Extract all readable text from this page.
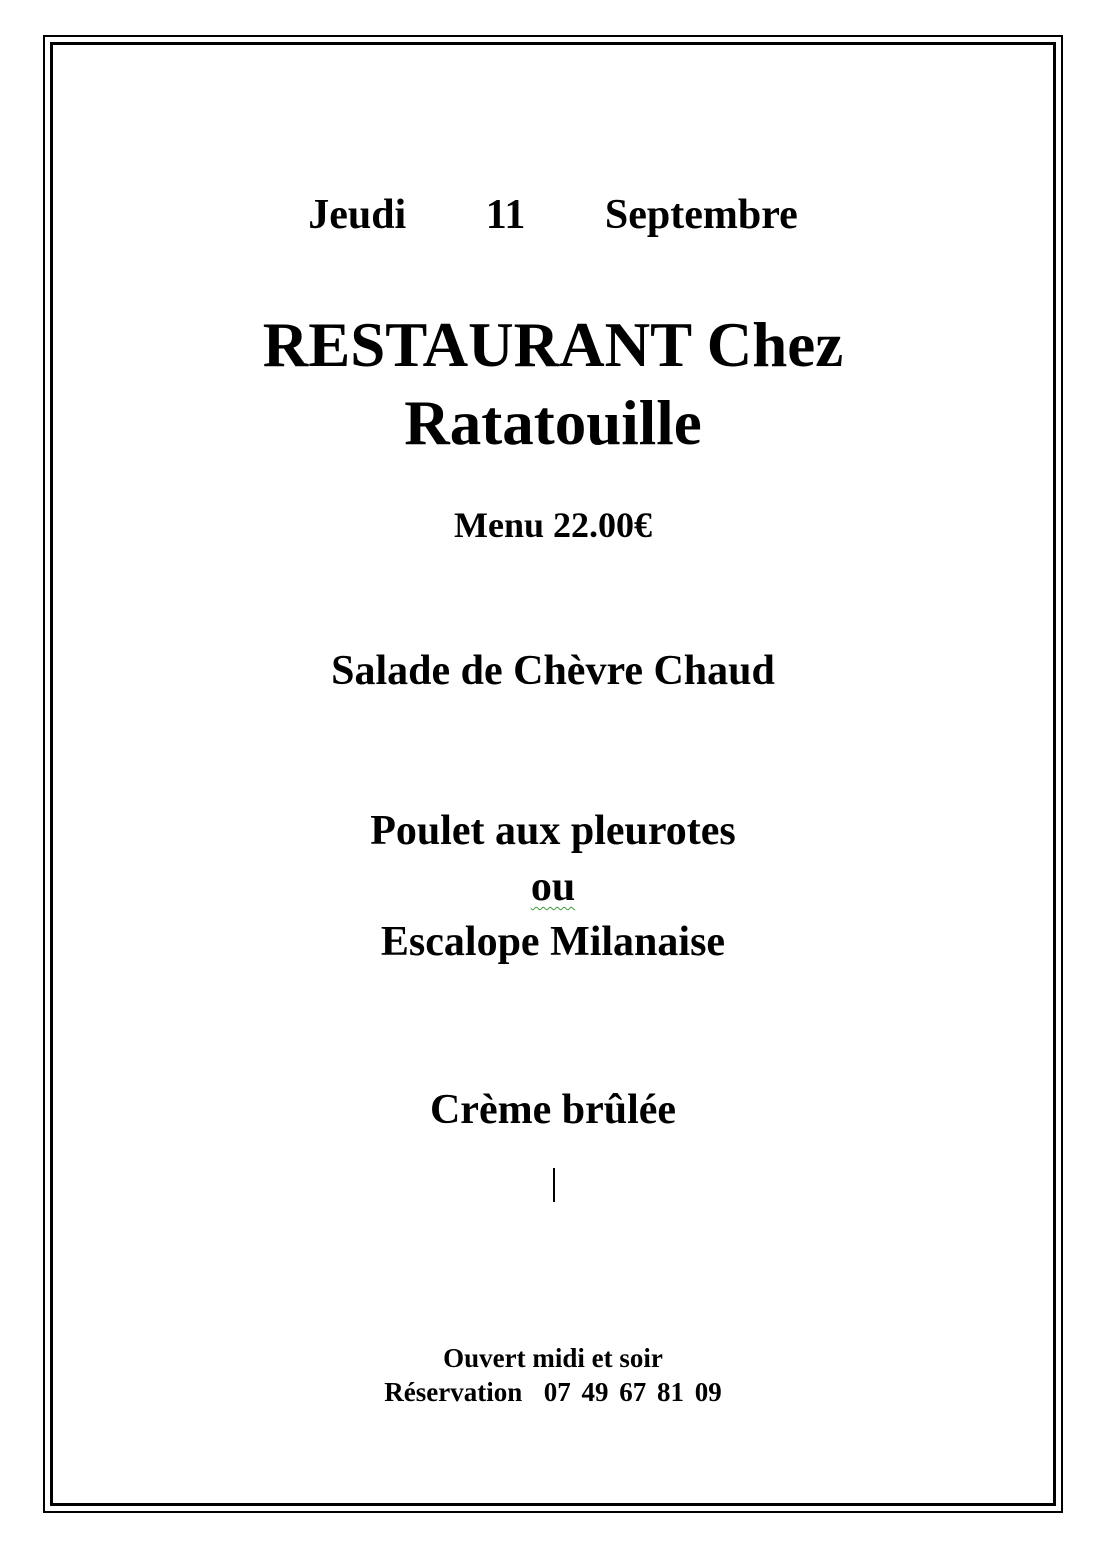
Jeudi   11   Septembre

RESTAURANT Chez

Ratatouille

Menu 22.00€

Salade de Chèvre Chaud

Poulet aux pleurotes

ou

Escalope Milanaise

Crème brûlée

Ouvert midi et soir

Réservation  07 49 67 81 09
